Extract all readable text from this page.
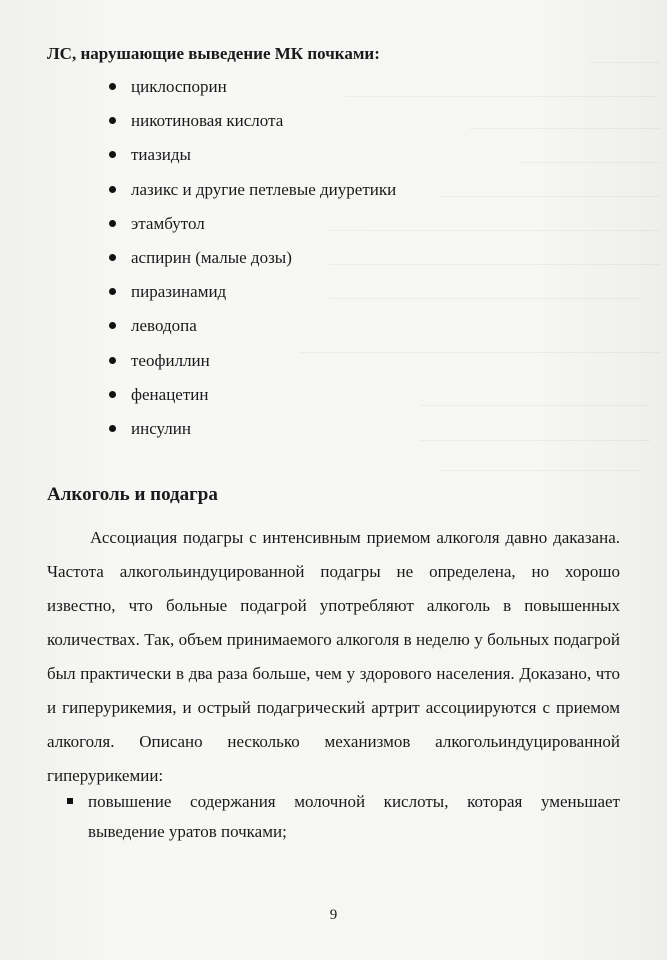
ЛС, нарушающие выведение МК почками:
циклоспорин
никотиновая кислота
тиазиды
лазикс и другие петлевые диуретики
этамбутол
аспирин (малые дозы)
пиразинамид
леводопа
теофиллин
фенацетин
инсулин
Алкоголь и подагра

Ассоциация подагры с интенсивным приемом алкоголя давно даказана. Частота алкогольиндуцированной подагры не определена, но хорошо известно, что больные подагрой употребляют алкоголь в повышенных количествах. Так, объем принимаемого алкоголя в неделю у больных подагрой был практически в два раза больше, чем у здорового населения. Доказано, что и гиперурикемия, и острый подагрический артрит ассоциируются с приемом алкоголя. Описано несколько механизмов алкогольиндуцированной гиперурикемии:

повышение содержания молочной кислоты, которая уменьшает выведение уратов почками;
9
